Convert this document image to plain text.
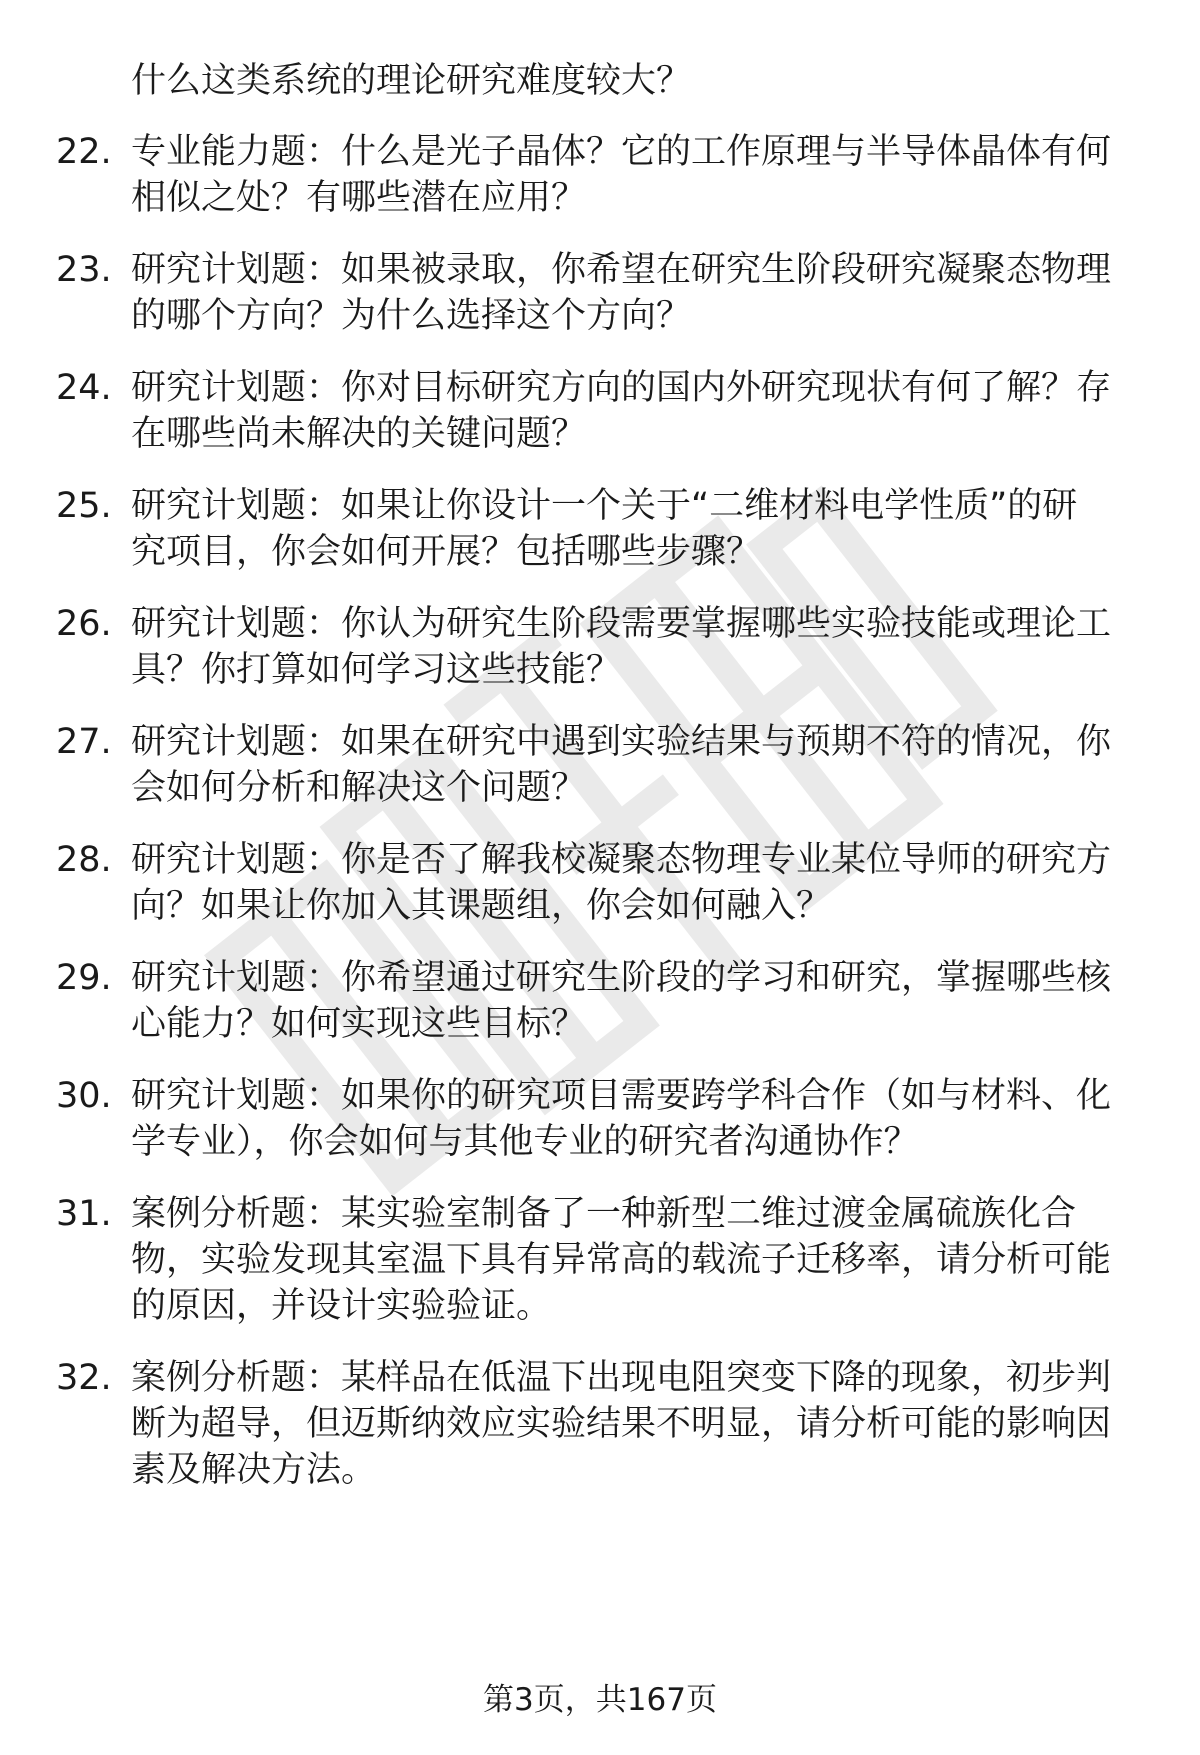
什么这类系统的理论研究难度较大？

22. 专业能力题：什么是光子晶体？它的工作原理与半导体晶体有何
相似之处？有哪些潜在应用？

23. 研究计划题：如果被录取，你希望在研究生阶段研究凝聚态物理
的哪个方向？为什么选择这个方向？

24. 研究计划题：你对目标研究方向的国内外研究现状有何了解？存
在哪些尚未解决的关键问题？

25. 研究计划题：如果让你设计一个关于“二维材料电学性质”的研
究项目，你会如何开展？包括哪些步骤？

26. 研究计划题：你认为研究生阶段需要掌握哪些实验技能或理论工
具？你打算如何学习这些技能？

27. 研究计划题：如果在研究中遇到实验结果与预期不符的情况，你
会如何分析和解决这个问题？

28. 研究计划题：你是否了解我校凝聚态物理专业某位导师的研究方
向？如果让你加入其课题组，你会如何融入？

29. 研究计划题：你希望通过研究生阶段的学习和研究，掌握哪些核
心能力？如何实现这些目标？

30. 研究计划题：如果你的研究项目需要跨学科合作（如与材料、化
学专业），你会如何与其他专业的研究者沟通协作？

31. 案例分析题：某实验室制备了一种新型二维过渡金属硫族化合
物，实验发现其室温下具有异常高的载流子迁移率，请分析可能
的原因，并设计实验验证。

32. 案例分析题：某样品在低温下出现电阻突变下降的现象，初步判
断为超导，但迈斯纳效应实验结果不明显，请分析可能的影响因
素及解决方法。

第3页，共167页
